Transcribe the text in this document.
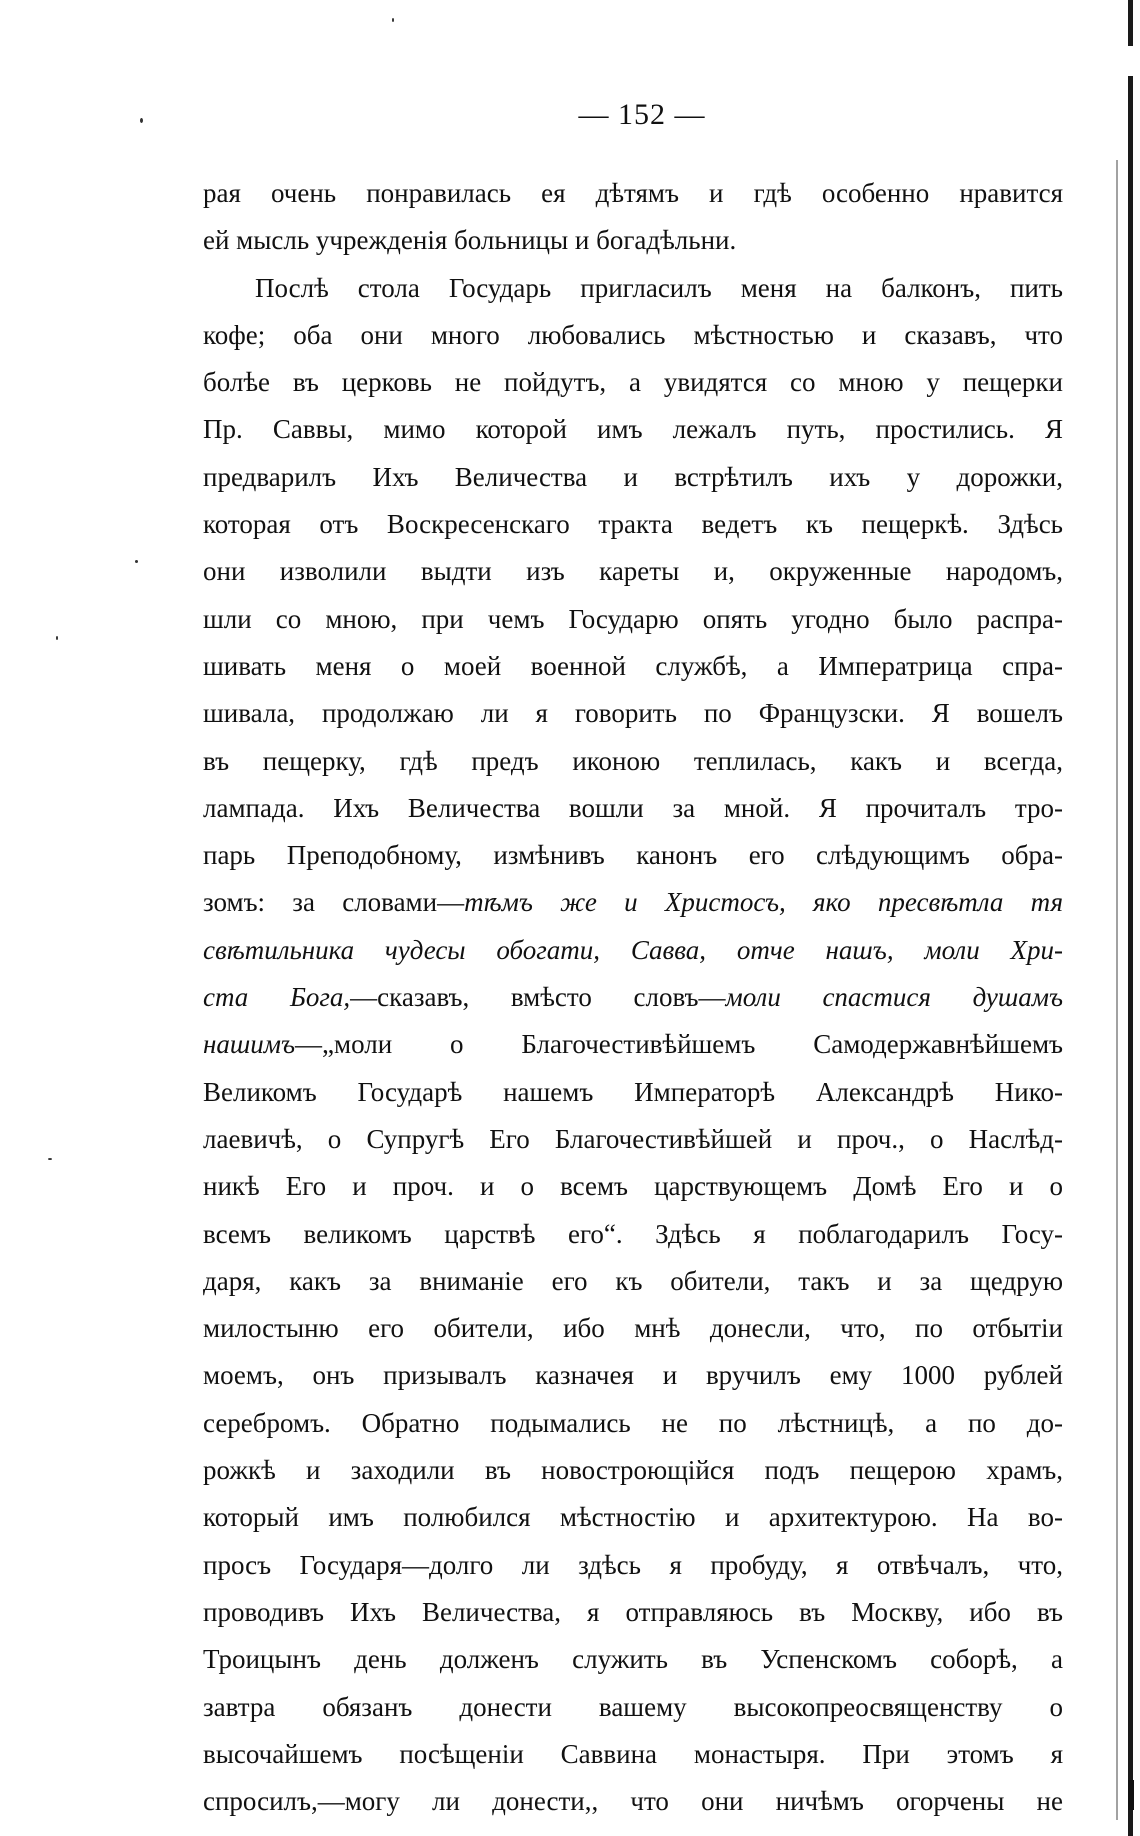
— 152 —
рая очень понравилась ея дѣтямъ и гдѣ особенно нравится
ей мысль учрежденія больницы и богадѣльни.
Послѣ стола Государь пригласилъ меня на балконъ, пить
кофе; оба они много любовались мѣстностью и сказавъ, что
болѣе въ церковь не пойдутъ, а увидятся со мною у пещерки
Пр. Саввы, мимо которой имъ лежалъ путь, простились. Я
предварилъ Ихъ Величества и встрѣтилъ ихъ у дорожки,
которая отъ Воскресенскаго тракта ведетъ къ пещеркѣ. Здѣсь
они изволили выдти изъ кареты и, окруженные народомъ,
шли со мною, при чемъ Государю опять угодно было распра-
шивать меня о моей военной службѣ, а Императрица спра-
шивала, продолжаю ли я говорить по Французски. Я вошелъ
въ пещерку, гдѣ предъ иконою теплилась, какъ и всегда,
лампада. Ихъ Величества вошли за мной. Я прочиталъ тро-
парь Преподобному, измѣнивъ канонъ его слѣдующимъ обра-
зомъ: за словами—тѣмъ же и Христосъ, яко пресвѣтла тя
свѣтильника чудесы обогати, Савва, отче нашъ, моли Хри-
ста Бога,—сказавъ, вмѣсто словъ—моли спастися душамъ
нашимъ—„моли о Благочестивѣйшемъ Самодержавнѣйшемъ
Великомъ Государѣ нашемъ Императорѣ Александрѣ Нико-
лаевичѣ, о Супругѣ Его Благочестивѣйшей и проч., о Наслѣд-
никѣ Его и проч. и о всемъ царствующемъ Домѣ Его и о
всемъ великомъ царствѣ его“. Здѣсь я поблагодарилъ Госу-
даря, какъ за вниманіе его къ обители, такъ и за щедрую
милостыню его обители, ибо мнѣ донесли, что, по отбытіи
моемъ, онъ призывалъ казначея и вручилъ ему 1000 рублей
серебромъ. Обратно подымались не по лѣстницѣ, а по до-
рожкѣ и заходили въ новостроющійся подъ пещерою храмъ,
который имъ полюбился мѣстностію и архитектурою. На во-
просъ Государя—долго ли здѣсь я пробуду, я отвѣчалъ, что,
проводивъ Ихъ Величества, я отправляюсь въ Москву, ибо въ
Троицынъ день долженъ служить въ Успенскомъ соборѣ, а
завтра обязанъ донести вашему высокопреосвященству о
высочайшемъ посѣщеніи Саввина монастыря. При этомъ я
спросилъ,—могу ли донести,, что они ничѣмъ огорчены не
